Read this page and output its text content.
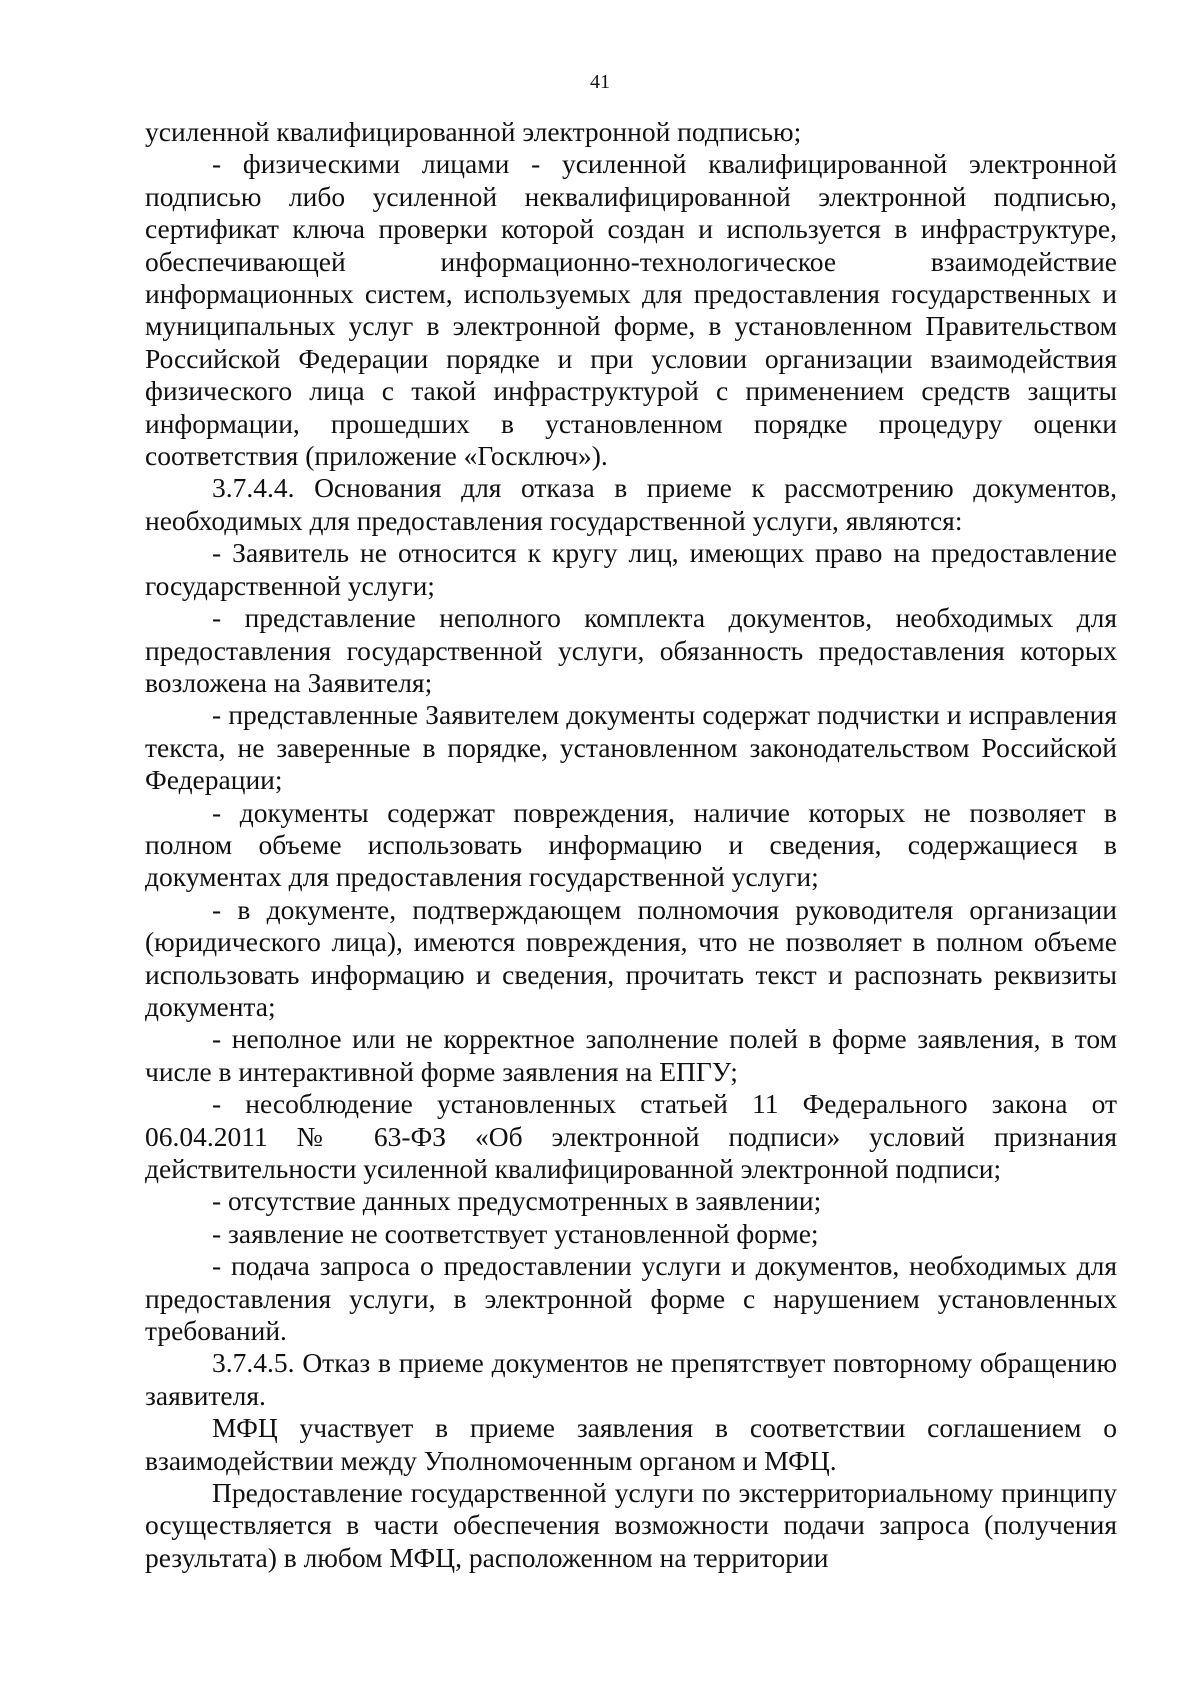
41

усиленной квалифицированной электронной подписью;

- физическими лицами - усиленной квалифицированной электронной подписью либо усиленной неквалифицированной электронной подписью, сертификат ключа проверки которой создан и используется в инфраструктуре, обеспечивающей информационно-технологическое взаимодействие информационных систем, используемых для предоставления государственных и муниципальных услуг в электронной форме, в установленном Правительством Российской Федерации порядке и при условии организации взаимодействия физического лица с такой инфраструктурой с применением средств защиты информации, прошедших в установленном порядке процедуру оценки соответствия (приложение «Госключ»).

3.7.4.4. Основания для отказа в приеме к рассмотрению документов, необходимых для предоставления государственной услуги, являются:

- Заявитель не относится к кругу лиц, имеющих право на предоставление государственной услуги;

- представление неполного комплекта документов, необходимых для предоставления государственной услуги, обязанность предоставления которых возложена на Заявителя;

- представленные Заявителем документы содержат подчистки и исправления текста, не заверенные в порядке, установленном законодательством Российской Федерации;

- документы содержат повреждения, наличие которых не позволяет в полном объеме использовать информацию и сведения, содержащиеся в документах для предоставления государственной услуги;

- в документе, подтверждающем полномочия руководителя организации (юридического лица), имеются повреждения, что не позволяет в полном объеме использовать информацию и сведения, прочитать текст и распознать реквизиты документа;

- неполное или не корректное заполнение полей в форме заявления, в том числе в интерактивной форме заявления на ЕПГУ;

- несоблюдение установленных статьей 11 Федерального закона от 06.04.2011 № 63-ФЗ «Об электронной подписи» условий признания действительности усиленной квалифицированной электронной подписи;

- отсутствие данных предусмотренных в заявлении;

- заявление не соответствует установленной форме;

- подача запроса о предоставлении услуги и документов, необходимых для предоставления услуги, в электронной форме с нарушением установленных требований.

3.7.4.5. Отказ в приеме документов не препятствует повторному обращению заявителя.

МФЦ участвует в приеме заявления в соответствии соглашением о взаимодействии между Уполномоченным органом и МФЦ.

Предоставление государственной услуги по экстерриториальному принципу осуществляется в части обеспечения возможности подачи запроса (получения результата) в любом МФЦ, расположенном на территории
